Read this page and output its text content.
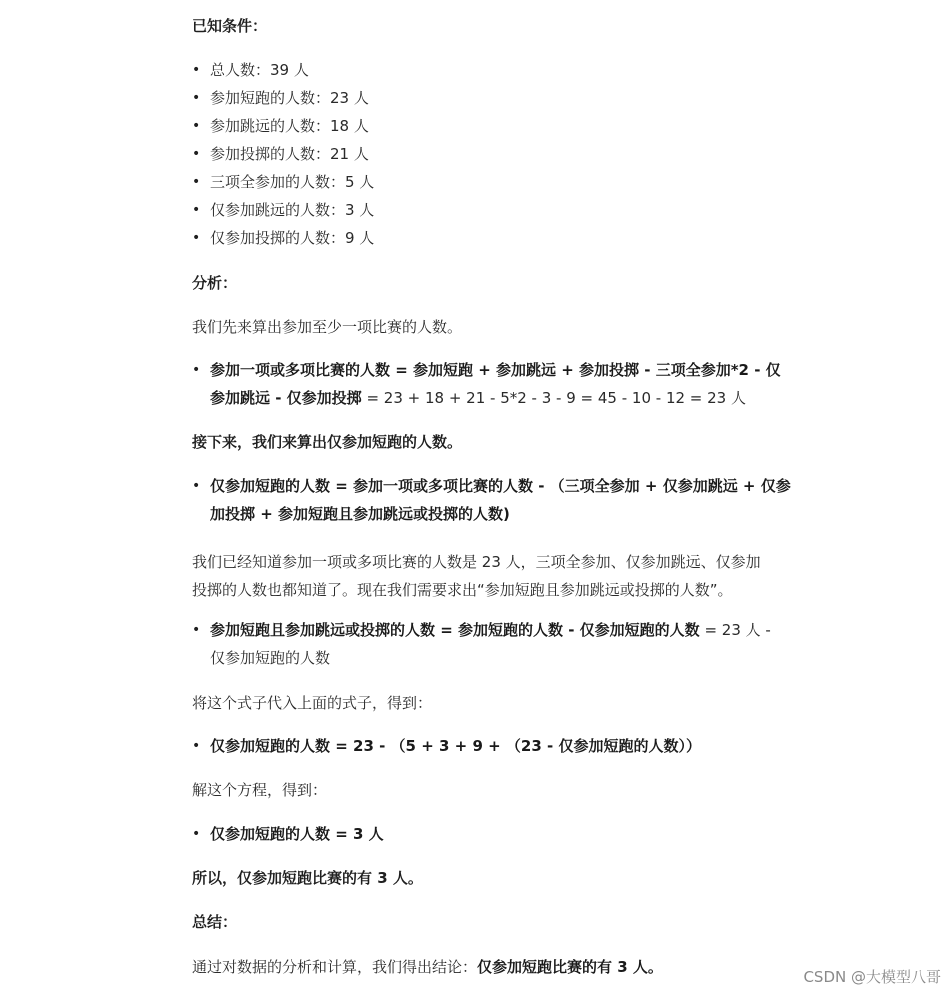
已知条件：
• 总人数：39 人
• 参加短跑的人数：23 人
• 参加跳远的人数：18 人
• 参加投掷的人数：21 人
• 三项全参加的人数：5 人
• 仅参加跳远的人数：3 人
• 仅参加投掷的人数：9 人
分析：
我们先来算出参加至少一项比赛的人数。
• 参加一项或多项比赛的人数 = 参加短跑 + 参加跳远 + 参加投掷 - 三项全参加*2 - 仅
参加跳远 - 仅参加投掷 = 23 + 18 + 21 - 5*2 - 3 - 9 = 45 - 10 - 12 = 23 人
接下来，我们来算出仅参加短跑的人数。
• 仅参加短跑的人数 = 参加一项或多项比赛的人数 - （三项全参加 + 仅参加跳远 + 仅参
加投掷 + 参加短跑且参加跳远或投掷的人数)
我们已经知道参加一项或多项比赛的人数是 23 人，三项全参加、仅参加跳远、仅参加
投掷的人数也都知道了。现在我们需要求出“参加短跑且参加跳远或投掷的人数”。
• 参加短跑且参加跳远或投掷的人数 = 参加短跑的人数 - 仅参加短跑的人数 = 23 人 -
仅参加短跑的人数
将这个式子代入上面的式子，得到：
• 仅参加短跑的人数 = 23 - （5 + 3 + 9 + （23 - 仅参加短跑的人数））
解这个方程，得到：
• 仅参加短跑的人数 = 3 人
所以，仅参加短跑比赛的有 3 人。
总结：
通过对数据的分析和计算，我们得出结论：仅参加短跑比赛的有 3 人。
CSDN @大模型八哥
